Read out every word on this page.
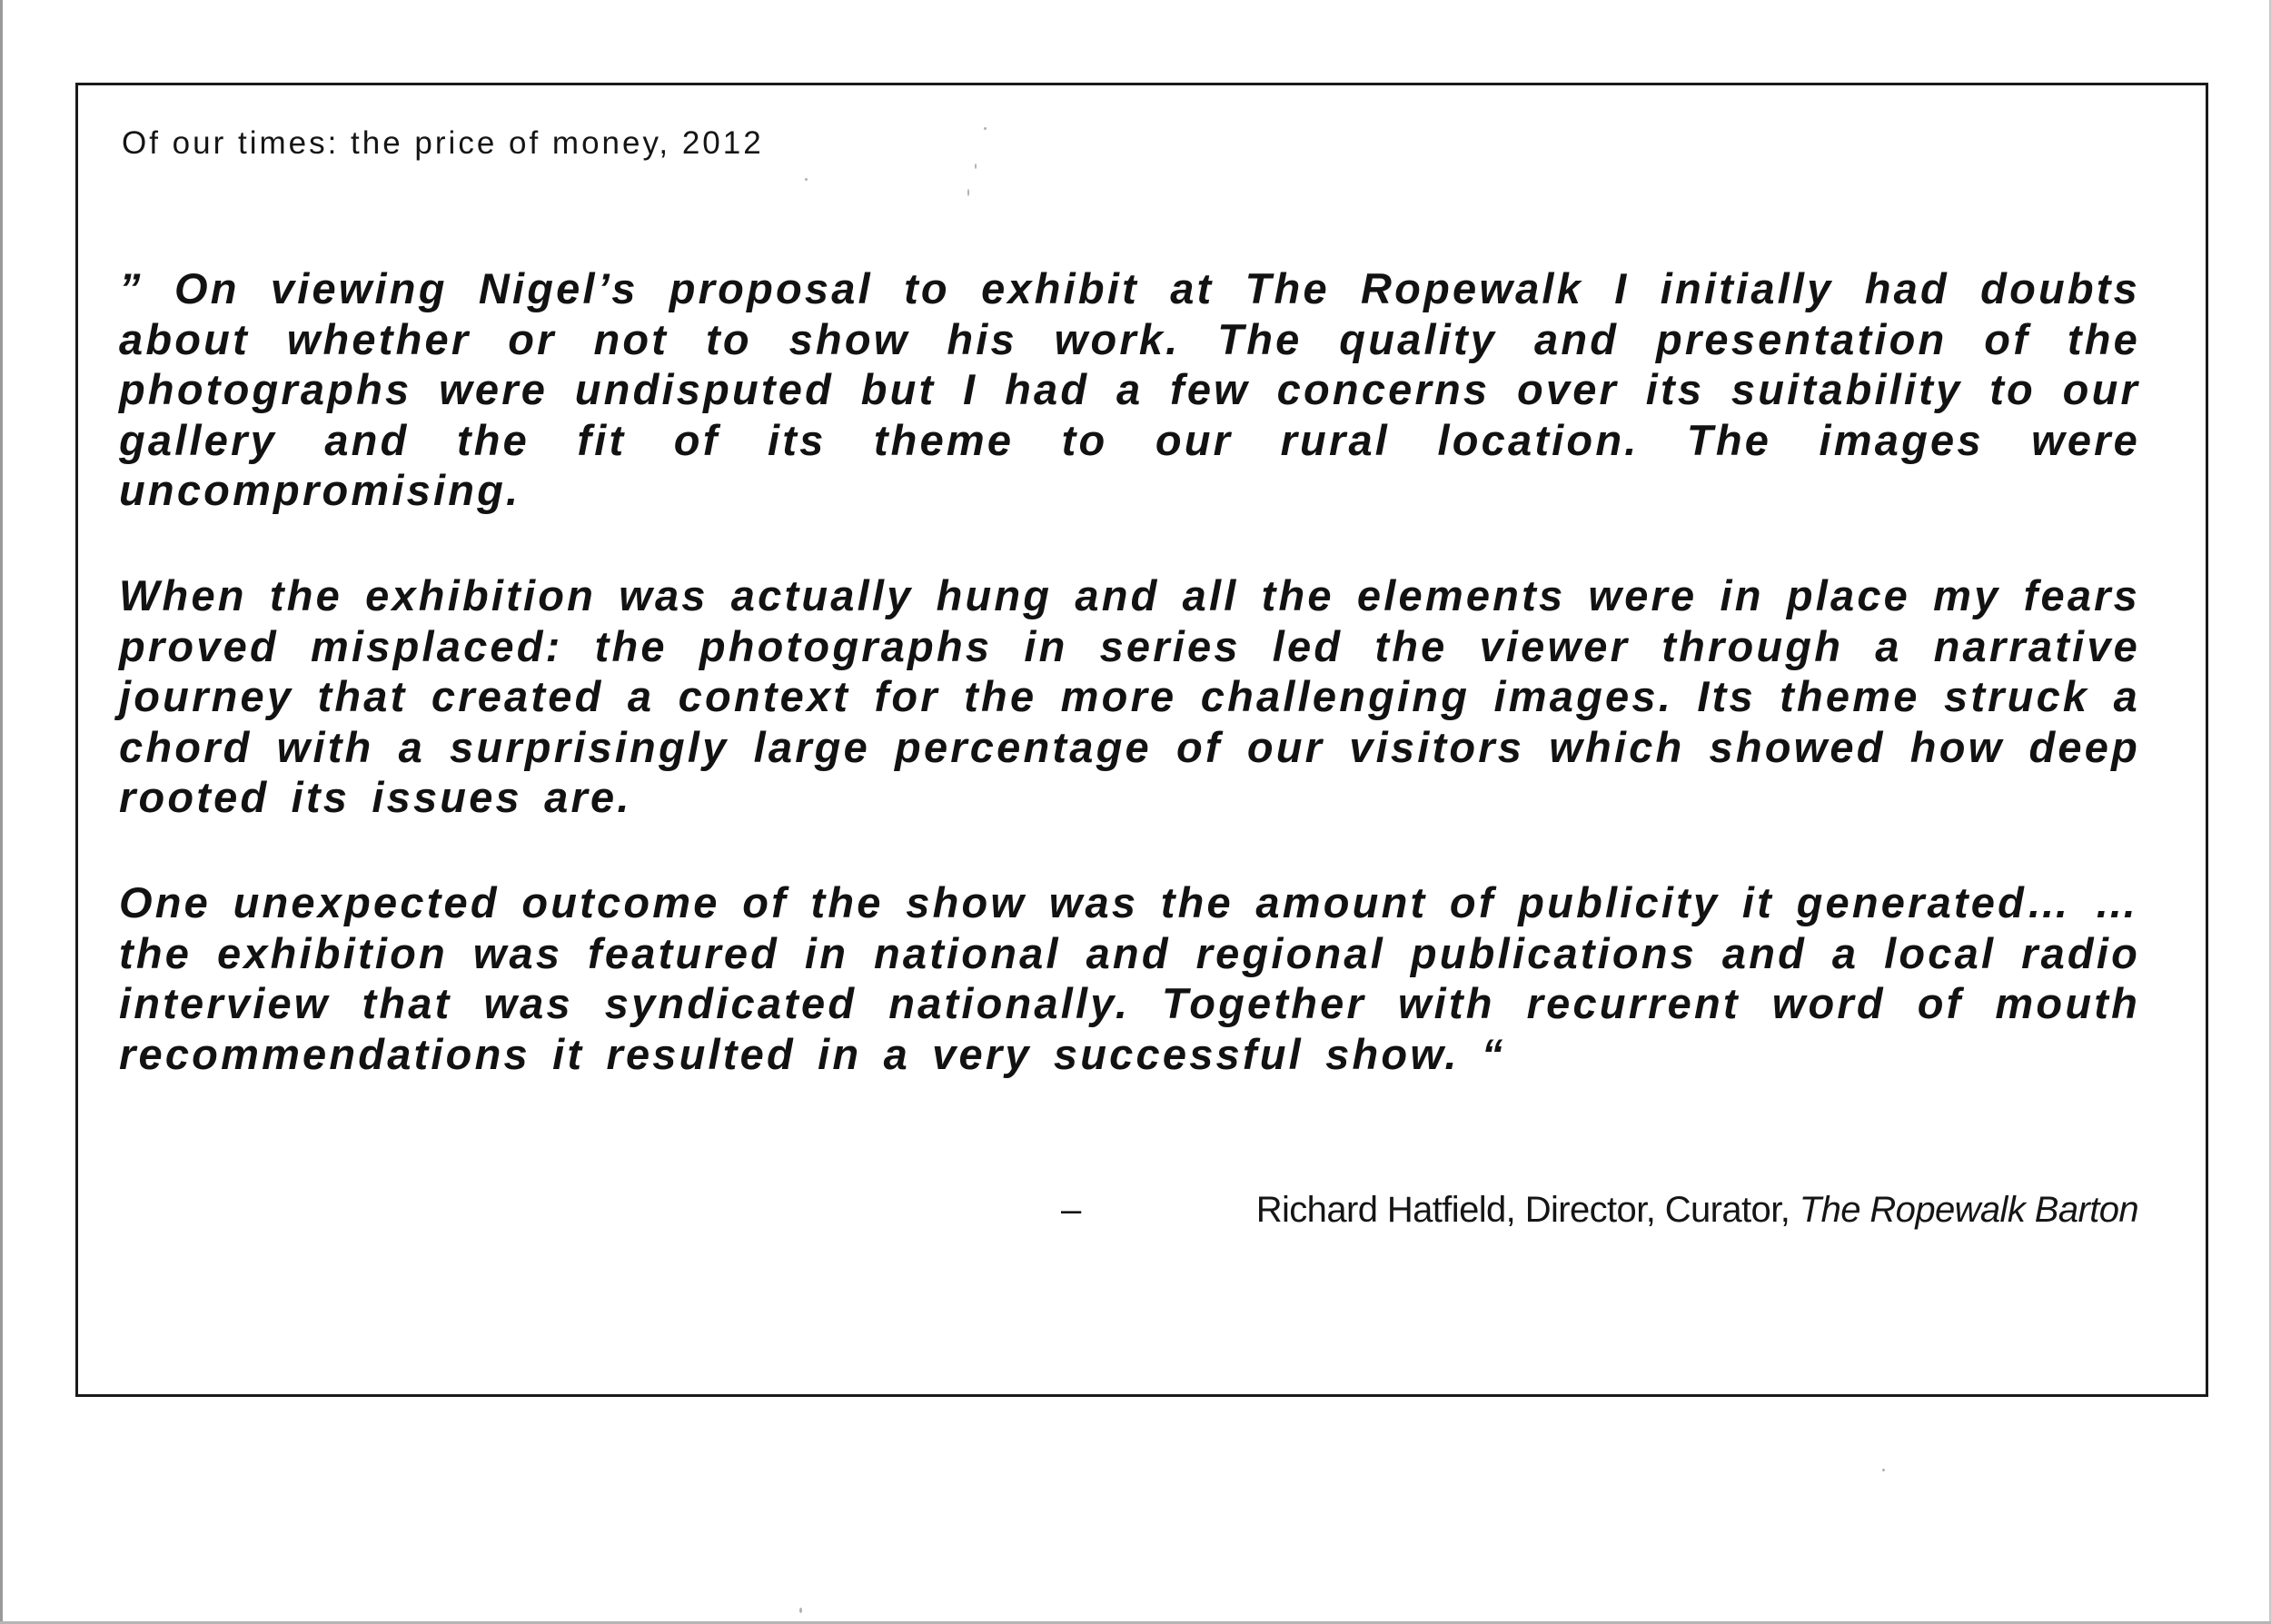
Of our times: the price of money, 2012

” On viewing Nigel’s proposal to exhibit at The Ropewalk I initially had doubts about whether or not to show his work. The quality and presentation of the photographs were undisputed but I had a few concerns over its suitability to our gallery and the fit of its theme to our rural location. The images were uncompromising.

When the exhibition was actually hung and all the elements were in place my fears proved misplaced: the photographs in series led the viewer through a narrative journey that created a context for the more challenging images. Its theme struck a chord with a surprisingly large percentage of our visitors which showed how deep rooted its issues are.

One unexpected outcome of the show was the amount of publicity it generated… …the exhibition was featured in national and regional publications and a local radio interview that was syndicated nationally. Together with recurrent word of mouth recommendations it resulted in a very successful show. “

–	Richard Hatfield, Director, Curator, The Ropewalk Barton
